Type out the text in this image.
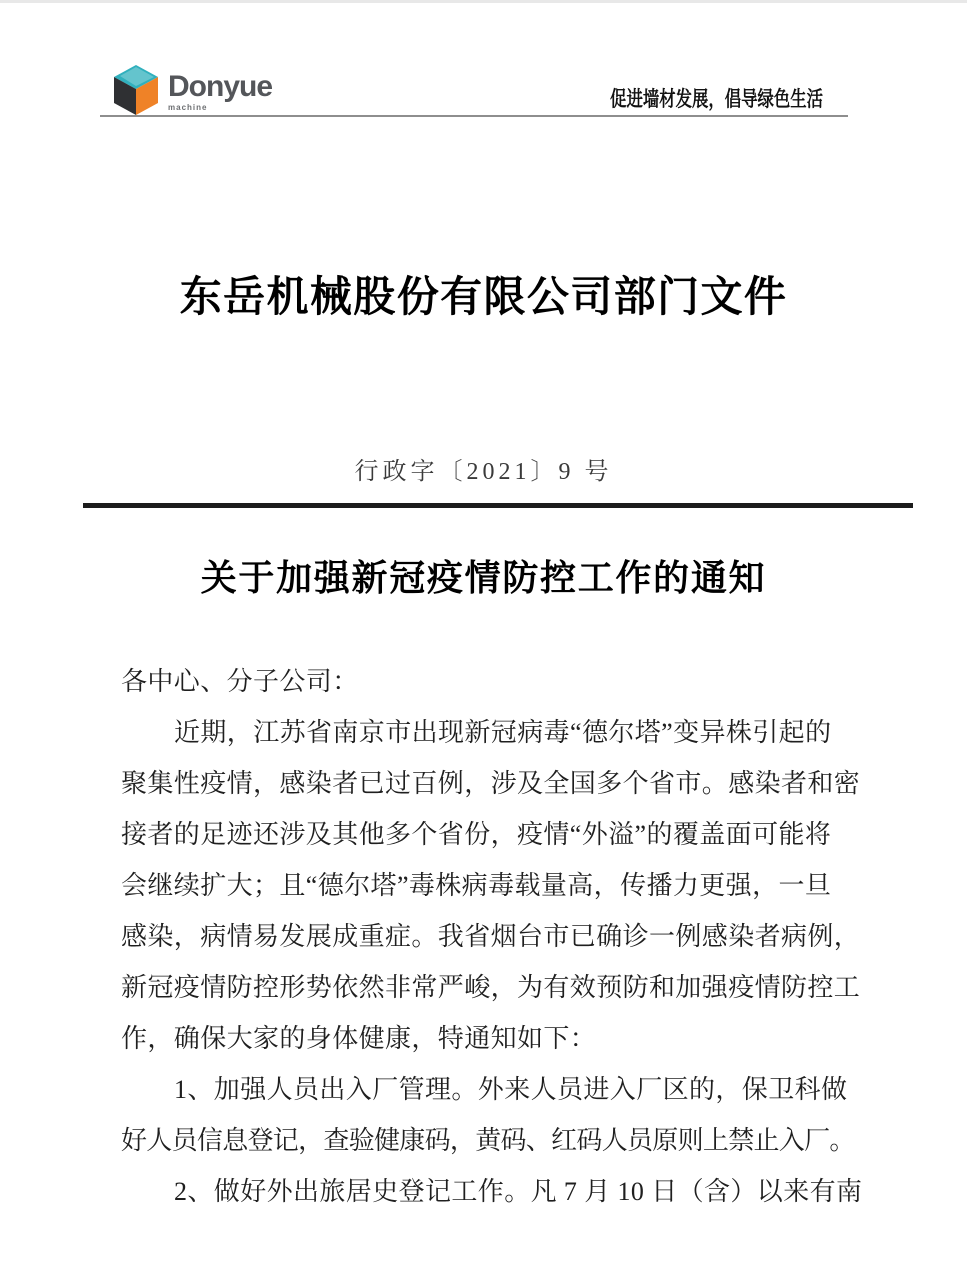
Donyue
machine	促进墙材发展，倡导绿色生活
东岳机械股份有限公司部门文件
行政字〔2021〕9 号
关于加强新冠疫情防控工作的通知
各中心、分子公司：
近期，江苏省南京市出现新冠病毒“德尔塔”变异株引起的
聚集性疫情，感染者已过百例，涉及全国多个省市。感染者和密
接者的足迹还涉及其他多个省份，疫情“外溢”的覆盖面可能将
会继续扩大；且“德尔塔”毒株病毒载量高，传播力更强，一旦
感染，病情易发展成重症。我省烟台市已确诊一例感染者病例，
新冠疫情防控形势依然非常严峻，为有效预防和加强疫情防控工
作，确保大家的身体健康，特通知如下：
1、加强人员出入厂管理。外来人员进入厂区的，保卫科做
好人员信息登记，查验健康码，黄码、红码人员原则上禁止入厂。
2、做好外出旅居史登记工作。凡 7 月 10 日（含）以来有南
